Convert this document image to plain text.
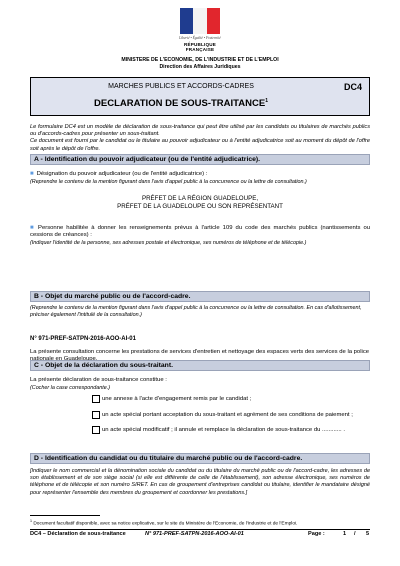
Liberté • Égalité • Fraternité
RÉPUBLIQUE FRANÇAISE
MINISTERE DE L'ECONOMIE, DE L'INDUSTRIE ET DE L'EMPLOI
Direction des Affaires Juridiques
MARCHES PUBLICS ET ACCORDS-CADRES
DECLARATION DE SOUS-TRAITANCE$^1$
DC4
Le formulaire DC4 est un modèle de déclaration de sous-traitance qui peut être utilisé par les candidats ou titulaires de marchés publics ou d'accords-cadres pour présenter un sous-traitant.
Ce document est fourni par le candidat ou le titulaire au pouvoir adjudicateur ou à l'entité adjudicatrice soit au moment du dépôt de l'offre soit après le dépôt de l'offre.
A - Identification du pouvoir adjudicateur (ou de l'entité adjudicatrice).
■ Désignation du pouvoir adjudicateur (ou de l'entité adjudicatrice) :
(Reprendre le contenu de la mention figurant dans l'avis d'appel public à la concurrence ou la lettre de consultation.)
PRÉFET DE LA RÉGION GUADELOUPE,
PRÉFET DE LA GUADELOUPE OU SON REPRÉSENTANT
■ Personne habilitée à donner les renseignements prévus à l'article 109 du code des marchés publics (nantissements ou cessions de créances) :
(Indiquer l'identité de la personne, ses adresses postale et électronique, ses numéros de téléphone et de télécopie.)
B - Objet du marché public ou de l'accord-cadre.
(Reprendre le contenu de la mention figurant dans l'avis d'appel public à la concurrence ou la lettre de consultation. En cas d'allotissement, préciser également l'intitulé de la consultation.)
N° 971-PREF-SATPN-2016-AOO-AI-01
La présente consultation concerne les prestations de services d'entretien et nettoyage des espaces verts des services de la police
C - Objet de la déclaration du sous-traitant.
La présente déclaration de sous-traitance constitue :
(Cocher la case correspondante.)
une annexe à l'acte d'engagement remis par le candidat ;
un acte spécial portant acceptation du sous-traitant et agrément de ses conditions de paiement ;
un acte spécial modificatif ; il annule et remplace la déclaration de sous-traitance du ............ .
D - Identification du candidat ou du titulaire du marché public ou de l'accord-cadre.
[Indiquer le nom commercial et la dénomination sociale du candidat ou du titulaire du marché public ou de l'accord-cadre, les adresses de son établissement et de son siège social (si elle est différente de celle de l'établissement), son adresse électronique, ses numéros de téléphone et de télécopie et son numéro SIRET. En cas de groupement d'entreprises candidat ou titulaire, identifier le mandataire désigné pour représenter l'ensemble des membres du groupement et coordonner les prestations.]
$^1$ Document facultatif disponible, avec sa notice explicative, sur le site du Ministère de l'Economie, de l'Industrie et de l'Emploi.
DC4 – Déclaration de sous-traitance	N° 971-PREF-SATPN-2016-AOO-AI-01	Page :	1 / 5
